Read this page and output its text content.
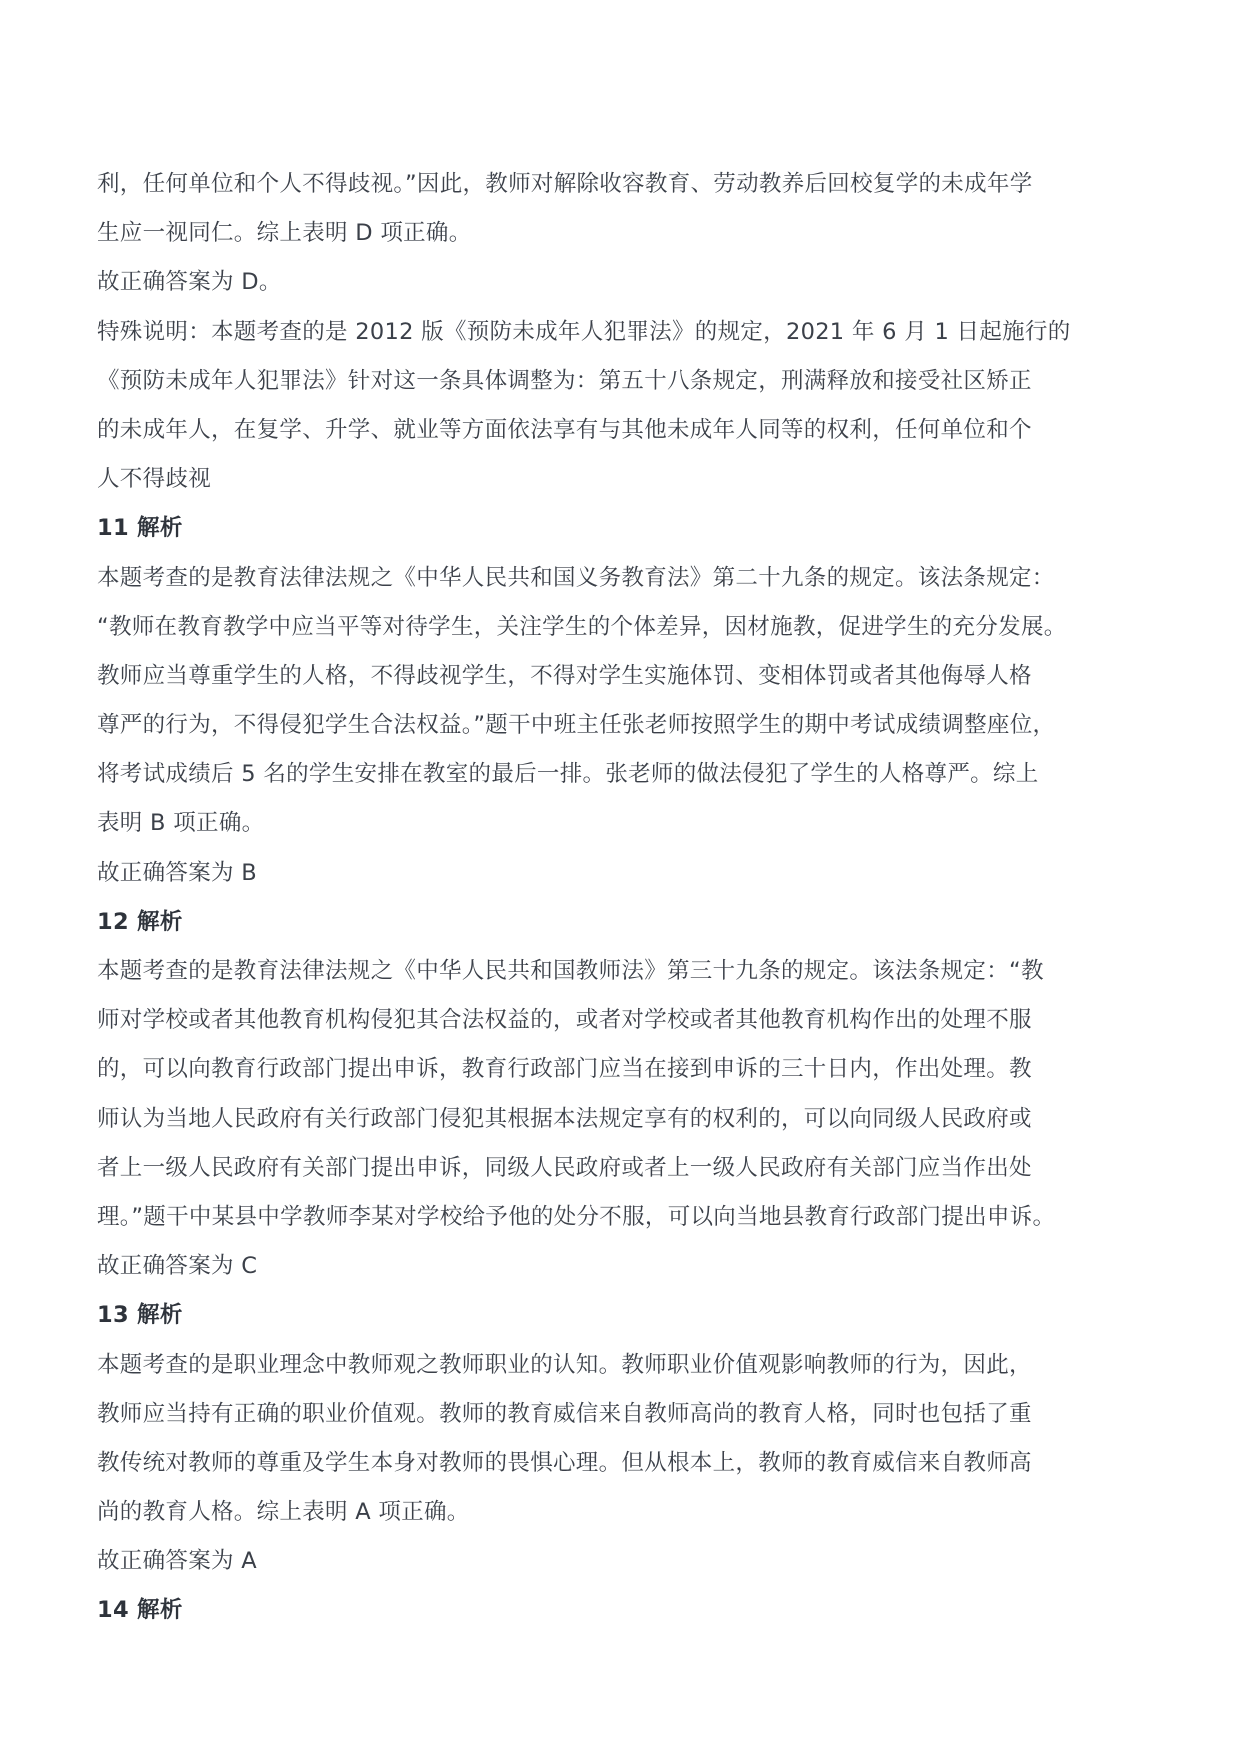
利，任何单位和个人不得歧视。”因此，教师对解除收容教育、劳动教养后回校复学的未成年学
生应一视同仁。综上表明 D 项正确。
故正确答案为 D。
特殊说明：本题考查的是 2012 版《预防未成年人犯罪法》的规定，2021 年 6 月 1 日起施行的
《预防未成年人犯罪法》针对这一条具体调整为：第五十八条规定，刑满释放和接受社区矫正
的未成年人，在复学、升学、就业等方面依法享有与其他未成年人同等的权利，任何单位和个
人不得歧视
11 解析
本题考查的是教育法律法规之《中华人民共和国义务教育法》第二十九条的规定。该法条规定：
“教师在教育教学中应当平等对待学生，关注学生的个体差异，因材施教，促进学生的充分发展。
教师应当尊重学生的人格，不得歧视学生，不得对学生实施体罚、变相体罚或者其他侮辱人格
尊严的行为，不得侵犯学生合法权益。”题干中班主任张老师按照学生的期中考试成绩调整座位，
将考试成绩后 5 名的学生安排在教室的最后一排。张老师的做法侵犯了学生的人格尊严。综上
表明 B 项正确。
故正确答案为 B
12 解析
本题考查的是教育法律法规之《中华人民共和国教师法》第三十九条的规定。该法条规定：“教
师对学校或者其他教育机构侵犯其合法权益的，或者对学校或者其他教育机构作出的处理不服
的，可以向教育行政部门提出申诉，教育行政部门应当在接到申诉的三十日内，作出处理。教
师认为当地人民政府有关行政部门侵犯其根据本法规定享有的权利的，可以向同级人民政府或
者上一级人民政府有关部门提出申诉，同级人民政府或者上一级人民政府有关部门应当作出处
理。”题干中某县中学教师李某对学校给予他的处分不服，可以向当地县教育行政部门提出申诉。
故正确答案为 C
13 解析
本题考查的是职业理念中教师观之教师职业的认知。教师职业价值观影响教师的行为，因此，
教师应当持有正确的职业价值观。教师的教育威信来自教师高尚的教育人格，同时也包括了重
教传统对教师的尊重及学生本身对教师的畏惧心理。但从根本上，教师的教育威信来自教师高
尚的教育人格。综上表明 A 项正确。
故正确答案为 A
14 解析
